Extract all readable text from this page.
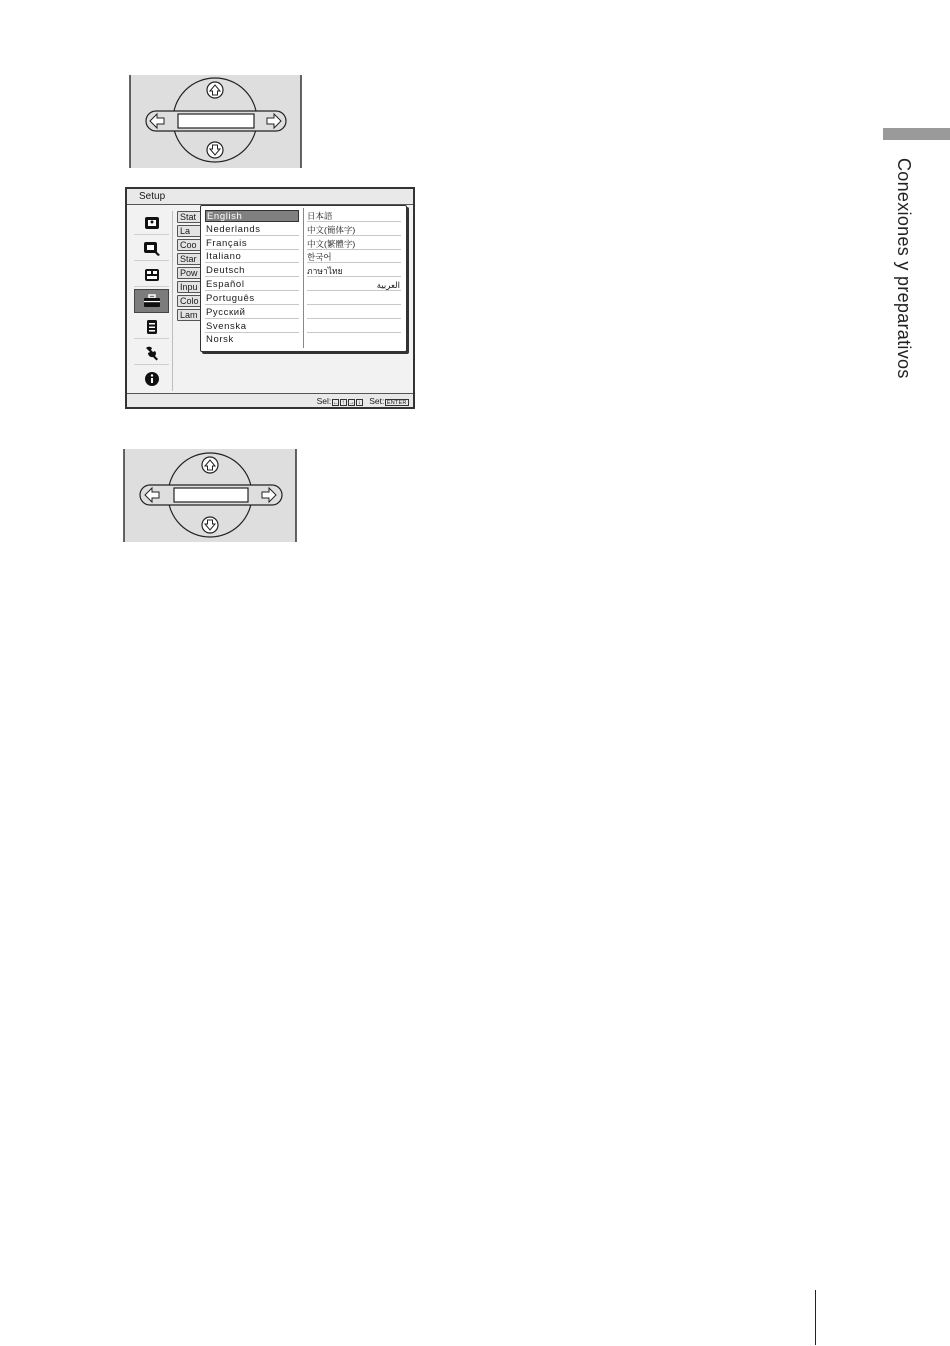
Setup
Stat
La
Coo
Star
Pow
Inpu
Colo
Lam
English
Nederlands
Français
Italiano
Deutsch
Español
Português
Pyccкий
Svenska
Norsk
日本語
中文(簡体字)
中文(繁體字)
한국어
ภาษาไทย
العربية
Sel: ← ↑ → ↓ Set: ENTER
Conexiones y preparativos
